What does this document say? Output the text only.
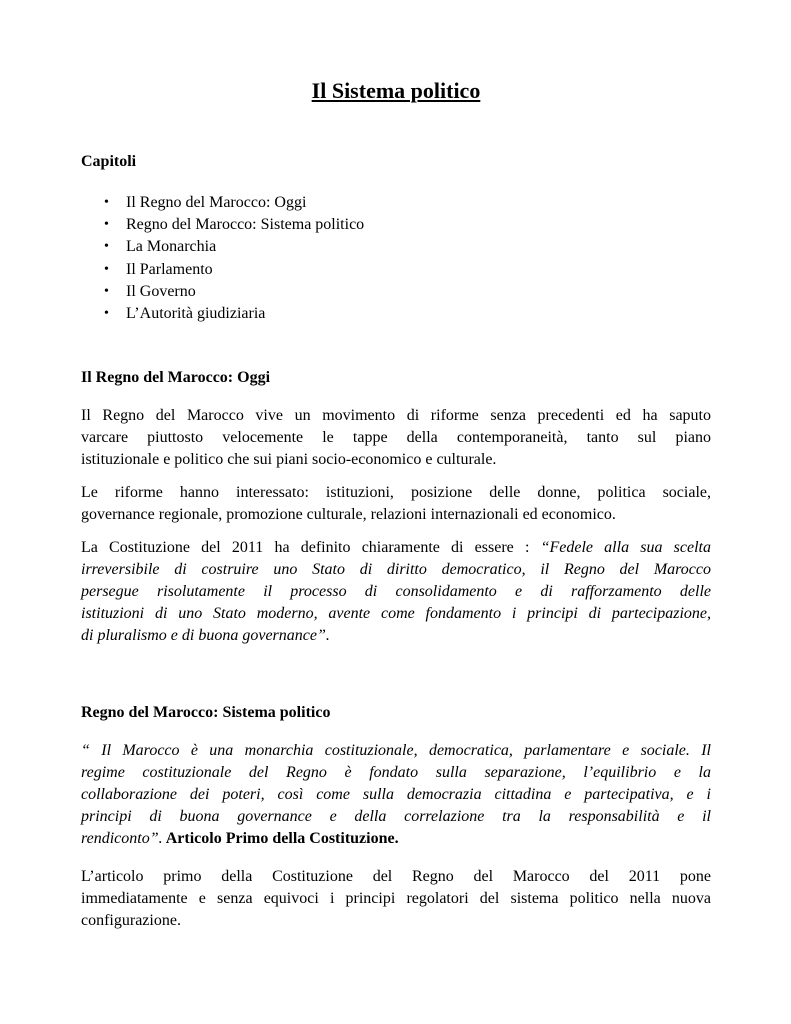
Il Sistema politico
Capitoli
• Il Regno del Marocco: Oggi
• Regno del Marocco: Sistema politico
• La Monarchia
• Il Parlamento
• Il Governo
• L’Autorità giudiziaria
Il Regno del Marocco: Oggi

Il Regno del Marocco vive un movimento di riforme senza precedenti ed ha saputo
varcare piuttosto velocemente le tappe della contemporaneità, tanto sul piano
istituzionale e politico che sui piani socio-economico e culturale.

Le riforme hanno interessato: istituzioni, posizione delle donne, politica sociale,
governance regionale, promozione culturale, relazioni internazionali ed economico.

La Costituzione del 2011 ha definito chiaramente di essere : “Fedele alla sua scelta
irreversibile di costruire uno Stato di diritto democratico, il Regno del Marocco
persegue risolutamente il processo di consolidamento e di rafforzamento delle
istituzioni di uno Stato moderno, avente come fondamento i principi di partecipazione,
di pluralismo e di buona governance”.

Regno del Marocco: Sistema politico

“ Il Marocco è una monarchia costituzionale, democratica, parlamentare e sociale. Il
regime costituzionale del Regno è fondato sulla separazione, l’equilibrio e la
collaborazione dei poteri, così come sulla democrazia cittadina e partecipativa, e i
principi di buona governance e della correlazione tra la responsabilità e il
rendiconto”. Articolo Primo della Costituzione.

L’articolo primo della Costituzione del Regno del Marocco del 2011 pone
immediatamente e senza equivoci i principi regolatori del sistema politico nella nuova
configurazione.
